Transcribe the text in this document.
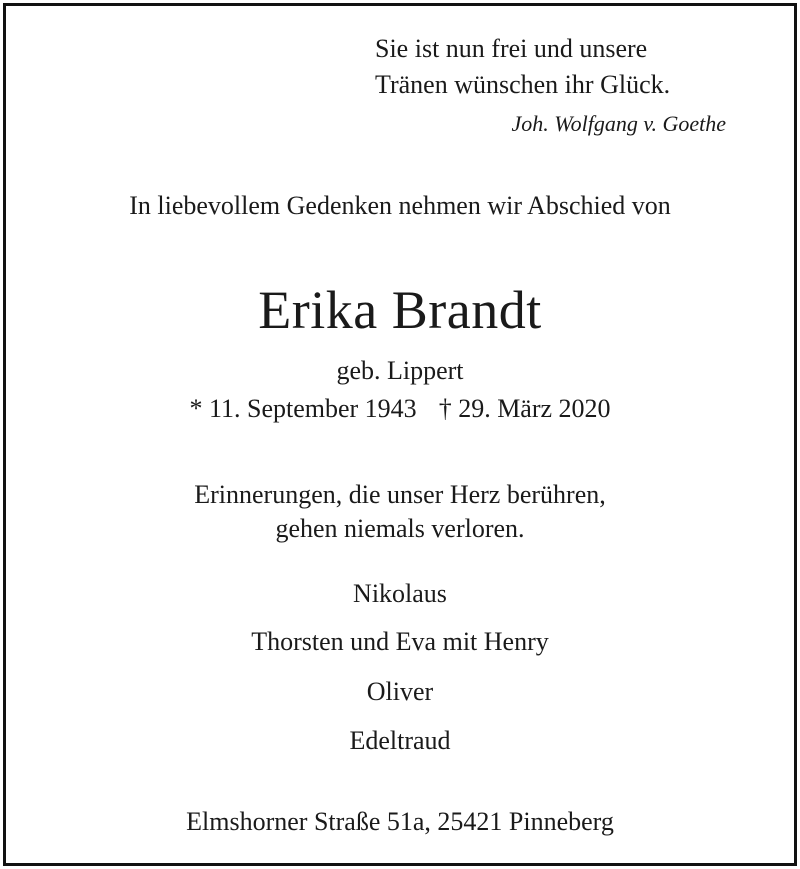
Sie ist nun frei und unsere
Tränen wünschen ihr Glück.
Joh. Wolfgang v. Goethe
In liebevollem Gedenken nehmen wir Abschied von
Erika Brandt
geb. Lippert
* 11. September 1943 † 29. März 2020
Erinnerungen, die unser Herz berühren,
gehen niemals verloren.
Nikolaus
Thorsten und Eva mit Henry
Oliver
Edeltraud
Elmshorner Straße 51a, 25421 Pinneberg
